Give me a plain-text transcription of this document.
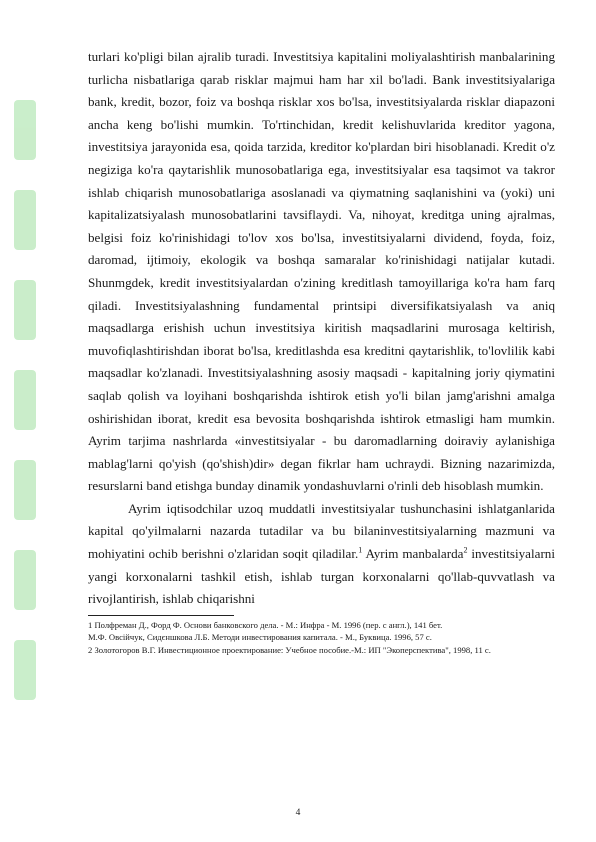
turlari ko'pligi bilan ajralib turadi. Investitsiya kapitalini moliyalashtirish manbalarining turlicha nisbatlariga qarab risklar majmui ham har xil bo'ladi. Bank investitsiyalariga bank, kredit, bozor, foiz va boshqa risklar xos bo'lsa, investitsiyalarda risklar diapazoni ancha keng bo'lishi mumkin. To'rtinchidan, kredit kelishuvlarida kreditor yagona, investitsiya jarayonida esa, qoida tarzida, kreditor ko'plardan biri hisoblanadi. Kredit o'z negiziga ko'ra qaytarishlik munosobatlariga ega, investitsiyalar esa taqsimot va takror ishlab chiqarish munosobatlariga asoslanadi va qiymatning saqlanishini va (yoki) uni kapitalizatsiyalash munosobatlarini tavsiflaydi. Va, nihoyat, kreditga uning ajralmas, belgisi foiz ko'rinishidagi to'lov xos bo'lsa, investitsiyalarni dividend, foyda, foiz, daromad, ijtimoiy, ekologik va boshqa samaralar ko'rinishidagi natijalar kutadi. Shunmgdek, kredit investitsiyalardan o'zining kreditlash tamoyillariga ko'ra ham farq qiladi. Investitsiyalashning fundamental printsipi diversifikatsiyalash va aniq maqsadlarga erishish uchun investitsiya kiritish maqsadlarini murosaga keltirish, muvofiqlashtirishdan iborat bo'lsa, kreditlashda esa kreditni qaytarishlik, to'lovlilik kabi maqsadlar ko'zlanadi. Investitsiyalashning asosiy maqsadi - kapitalning joriy qiymatini saqlab qolish va loyihani boshqarishda ishtirok etish yo'li bilan jamg'arishni amalga oshirishidan iborat, kredit esa bevosita boshqarishda ishtirok etmasligi ham mumkin. Ayrim tarjima nashrlarda «investitsiyalar - bu daromadlarning doiraviy aylanishiga mablag'larni qo'yish (qo'shish)dir» degan fikrlar ham uchraydi. Bizning nazarimizda, resurslarni band etishga bunday dinamik yondashuvlarni o'rinli deb hisoblash mumkin.

Ayrim iqtisodchilar uzoq muddatli investitsiyalar tushunchasini ishlatganlarida kapital qo'yilmalarni nazarda tutadilar va bu bilaninvestitsiyalarning mazmuni va mohiyatini ochib berishni o'zlaridan soqit qiladilar.$^1$ Ayrim manbalarda$^2$ investitsiyalarni yangi korxonalarni tashkil etish, ishlab turgan korxonalarni qo'llab-quvvatlash va rivojlantirish, ishlab chiqarishni

1 Полфреман Д., Форд Ф. Основи банковского дела. - М.: Инфра - М. 1996 (пер. с англ.), 141 бет.
М.Ф. Овсійчук, Сидєншкова Л.Б. Методи инвестирования капитала. - М., Буквица. 1996, 57 с.
2 Золотогоров В.Г. Инвестиционное проектирование: Учебное пособие.-М.: ИП "Экоперспектива", 1998, 11 с.
4
